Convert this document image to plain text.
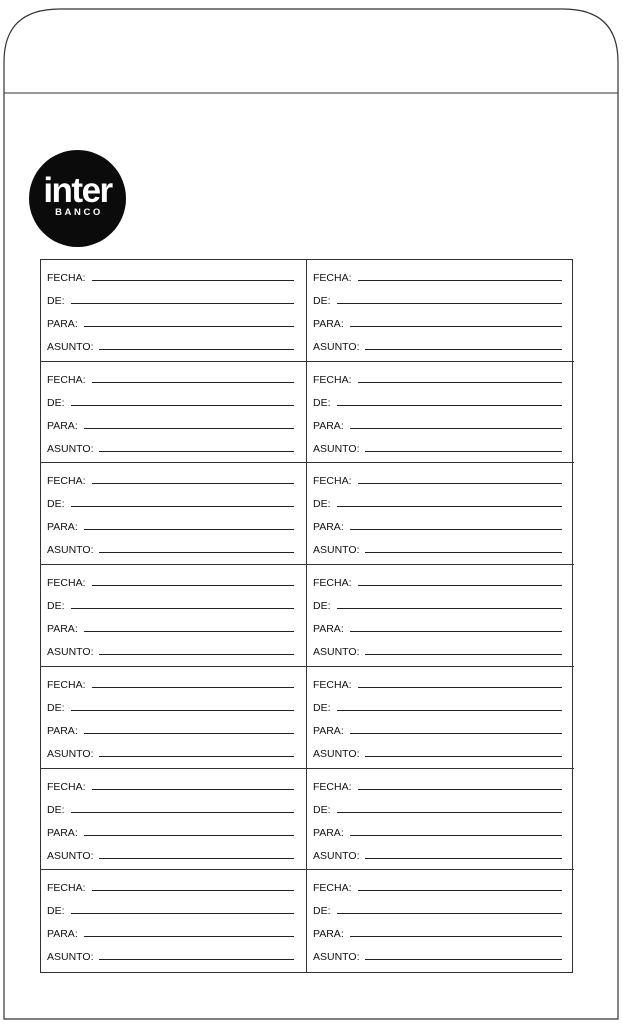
inter
BANCO
FECHA:
DE:
PARA:
ASUNTO:
FECHA:
DE:
PARA:
ASUNTO:
FECHA:
DE:
PARA:
ASUNTO:
FECHA:
DE:
PARA:
ASUNTO:
FECHA:
DE:
PARA:
ASUNTO:
FECHA:
DE:
PARA:
ASUNTO:
FECHA:
DE:
PARA:
ASUNTO:
FECHA:
DE:
PARA:
ASUNTO:
FECHA:
DE:
PARA:
ASUNTO:
FECHA:
DE:
PARA:
ASUNTO:
FECHA:
DE:
PARA:
ASUNTO:
FECHA:
DE:
PARA:
ASUNTO:
FECHA:
DE:
PARA:
ASUNTO:
FECHA:
DE:
PARA:
ASUNTO:
